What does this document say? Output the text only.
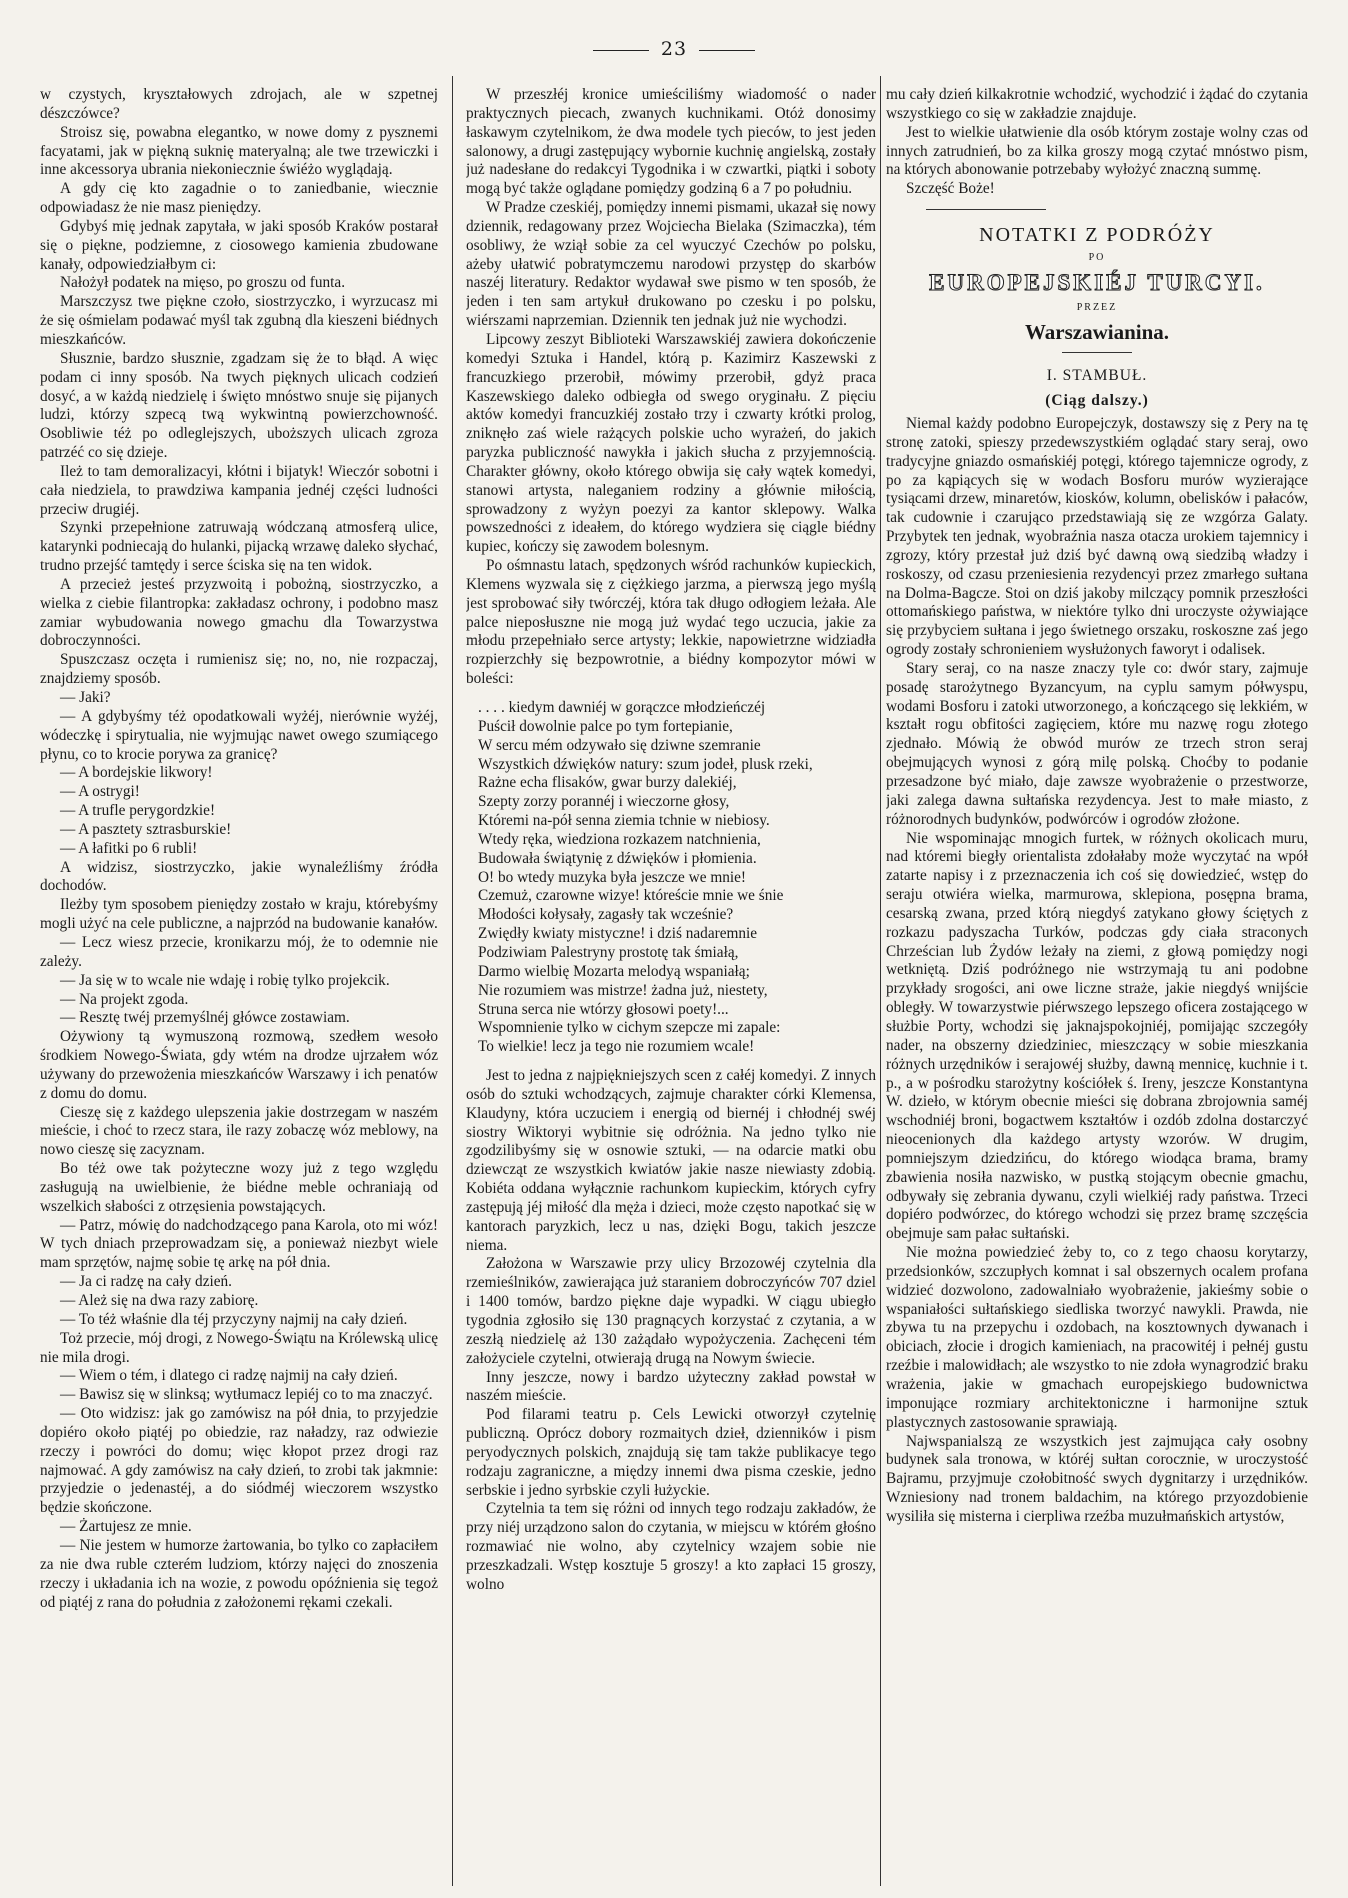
23

w czystych, kryształowych zdrojach, ale w szpetnej dészczówce?

Stroisz się, powabna elegantko, w nowe domy z pysznemi facyatami, jak w piękną suknię materyalną; ale twe trzewiczki i inne akcessorya ubrania niekoniecznie świéżo wyglądają.

A gdy cię kto zagadnie o to zaniedbanie, wiecznie odpowiadasz że nie masz pieniędzy.

Gdybyś mię jednak zapytała, w jaki sposób Kraków postarał się o piękne, podziemne, z ciosowego kamienia zbudowane kanały, odpowiedziałbym ci:

Nałożył podatek na mięso, po groszu od funta.

Marszczysz twe piękne czoło, siostrzyczko, i wyrzucasz mi że się ośmielam podawać myśl tak zgubną dla kieszeni biédnych mieszkańców.

Słusznie, bardzo słusznie, zgadzam się że to błąd. A więc podam ci inny sposób. Na twych pięknych ulicach codzień dosyć, a w każdą niedzielę i święto mnóstwo snuje się pijanych ludzi, którzy szpecą twą wykwintną powierzchowność. Osobliwie téż po odleglejszych, uboższych ulicach zgroza patrzéć co się dzieje.

Ileż to tam demoralizacyi, kłótni i bijatyk! Wieczór sobotni i cała niedziela, to prawdziwa kampania jednéj części ludności przeciw drugiéj.

Szynki przepełnione zatruwają wódczaną atmosferą ulice, katarynki podniecają do hulanki, pijacką wrzawę daleko słychać, trudno przejść tamtędy i serce ściska się na ten widok.

A przecież jesteś przyzwoitą i pobożną, siostrzyczko, a wielka z ciebie filantropka: zakładasz ochrony, i podobno masz zamiar wybudowania nowego gmachu dla Towarzystwa dobroczynności.

Spuszczasz oczęta i rumienisz się; no, no, nie rozpaczaj, znajdziemy sposób.

— Jaki?

— A gdybyśmy téż opodatkowali wyżéj, nierównie wyżéj, wódeczkę i spirytualia, nie wyjmując nawet owego szumiącego płynu, co to krocie porywa za granicę?

— A bordejskie likwory!

— A ostrygi!

— A trufle perygordzkie!

— A pasztety sztrasburskie!

— A łafitki po 6 rubli!

A widzisz, siostrzyczko, jakie wynaleźliśmy źródła dochodów.

Ileżby tym sposobem pieniędzy zostało w kraju, którebyśmy mogli użyć na cele publiczne, a najprzód na budowanie kanałów.

— Lecz wiesz przecie, kronikarzu mój, że to odemnie nie zależy.

— Ja się w to wcale nie wdaję i robię tylko projekcik.

— Na projekt zgoda.

— Resztę twéj przemyślnéj główce zostawiam.

Ożywiony tą wymuszoną rozmową, szedłem wesoło środkiem Nowego-Świata, gdy wtém na drodze ujrzałem wóz używany do przewożenia mieszkańców Warszawy i ich penatów z domu do domu.

Cieszę się z każdego ulepszenia jakie dostrzegam w naszém mieście, i choć to rzecz stara, ile razy zobaczę wóz meblowy, na nowo cieszę się zacyznam.

Bo téż owe tak pożyteczne wozy już z tego względu zasługują na uwielbienie, że biédne meble ochraniają od wszelkich słabości z otrzęsienia powstających.

— Patrz, mówię do nadchodzącego pana Karola, oto mi wóz! W tych dniach przeprowadzam się, a ponieważ niezbyt wiele mam sprzętów, najmę sobie tę arkę na pół dnia.

— Ja ci radzę na cały dzień.

— Ależ się na dwa razy zabiorę.

— To téż właśnie dla téj przyczyny najmij na cały dzień.

Toż przecie, mój drogi, z Nowego-Świątu na Królewską ulicę nie mila drogi.

— Wiem o tém, i dlatego ci radzę najmij na cały dzień.

— Bawisz się w slinksą; wytłumacz lepiéj co to ma znaczyć.

— Oto widzisz: jak go zamówisz na pół dnia, to przyjedzie dopiéro około piątéj po obiedzie, raz naładzy, raz odwiezie rzeczy i powróci do domu; więc kłopot przez drogi raz najmować. A gdy zamówisz na cały dzień, to zrobi tak jakmnie: przyjedzie o jedenastéj, a do siódméj wieczorem wszystko będzie skończone.

— Żartujesz ze mnie.

— Nie jestem w humorze żartowania, bo tylko co zapłaciłem za nie dwa ruble czterém ludziom, którzy najęci do znoszenia rzeczy i układania ich na wozie, z powodu opóźnienia się tegoż od piątéj z rana do południa z założonemi rękami czekali.

W przeszłéj kronice umieściliśmy wiadomość o nader praktycznych piecach, zwanych kuchnikami. Otóż donosimy łaskawym czytelnikom, że dwa modele tych pieców, to jest jeden salonowy, a drugi zastępujący wybornie kuchnię angielską, zostały już nadesłane do redakcyi Tygodnika i w czwartki, piątki i soboty mogą być także oglądane pomiędzy godziną 6 a 7 po południu.

W Pradze czeskiéj, pomiędzy innemi pismami, ukazał się nowy dziennik, redagowany przez Wojciecha Bielaka (Szimaczka), tém osobliwy, że wziął sobie za cel wyuczyć Czechów po polsku, ażeby ułatwić pobratymczemu narodowi przystęp do skarbów naszéj literatury. Redaktor wydawał swe pismo w ten sposób, że jeden i ten sam artykuł drukowano po czesku i po polsku, wiérszami naprzemian. Dziennik ten jednak już nie wychodzi.

Lipcowy zeszyt Biblioteki Warszawskiéj zawiera dokończenie komedyi Sztuka i Handel, którą p. Kazimirz Kaszewski z francuzkiego przerobił, mówimy przerobił, gdyż praca Kaszewskiego daleko odbiegła od swego oryginału. Z pięciu aktów komedyi francuzkiéj zostało trzy i czwarty krótki prolog, zniknęło zaś wiele rażących polskie ucho wyrażeń, do jakich paryzka publiczność nawykła i jakich słucha z przyjemnością. Charakter główny, około którego obwija się cały wątek komedyi, stanowi artysta, naleganiem rodziny a głównie miłością, sprowadzony z wyżyn poezyi za kantor sklepowy. Walka powszedności z ideałem, do którego wydziera się ciągle biédny kupiec, kończy się zawodem bolesnym.

Po ośmnastu latach, spędzonych wśród rachunków kupieckich, Klemens wyzwala się z ciężkiego jarzma, a pierwszą jego myślą jest sprobować siły twórczéj, która tak długo odłogiem leżała. Ale palce nieposłuszne nie mogą już wydać tego uczucia, jakie za młodu przepełniało serce artysty; lekkie, napowietrzne widziadła rozpierzchły się bezpowrotnie, a biédny kompozytor mówi w boleści:

. . . . kiedym dawniéj w gorączce młodzieńczéj
Puścił dowolnie palce po tym fortepianie,
W sercu mém odzywało się dziwne szemranie
Wszystkich dźwięków natury: szum jodeł, plusk rzeki,
Rażne echa flisaków, gwar burzy dalekiéj,
Szepty zorzy porannéj i wieczorne głosy,
Któremi na-pół senna ziemia tchnie w niebiosy.
Wtedy ręka, wiedziona rozkazem natchnienia,
Budowała świątynię z dźwięków i płomienia.
O! bo wtedy muzyka była jeszcze we mnie!
Czemuż, czarowne wizye! któreście mnie we śnie
Młodości kołysały, zagasły tak wcześnie?
Zwiędły kwiaty mistyczne! i dziś nadaremnie
Podziwiam Palestryny prostotę tak śmiałą,
Darmo wielbię Mozarta melodyą wspaniałą;
Nie rozumiem was mistrze! żadna już, niestety,
Struna serca nie wtórzy głosowi poety!...
Wspomnienie tylko w cichym szepcze mi zapale:
To wielkie! lecz ja tego nie rozumiem wcale!

Jest to jedna z najpiękniejszych scen z całéj komedyi. Z innych osób do sztuki wchodzących, zajmuje charakter córki Klemensa, Klaudyny, która uczuciem i energią od biernéj i chłodnéj swéj siostry Wiktoryi wybitnie się odróżnia. Na jedno tylko nie zgodzilibyśmy się w osnowie sztuki, — na odarcie matki obu dziewcząt ze wszystkich kwiatów jakie nasze niewiasty zdobią. Kobiéta oddana wyłącznie rachunkom kupieckim, których cyfry zastępują jéj miłość dla męża i dzieci, może często napotkać się w kantorach paryzkich, lecz u nas, dzięki Bogu, takich jeszcze niema.

Założona w Warszawie przy ulicy Brzozowéj czytelnia dla rzemieślników, zawierająca już staraniem dobroczyńców 707 dziel i 1400 tomów, bardzo piękne daje wypadki. W ciągu ubiegło tygodnia zgłosiło się 130 pragnących korzystać z czytania, a w zeszłą niedzielę aż 130 zażądało wypożyczenia. Zachęceni tém założyciele czytelni, otwierają drugą na Nowym świecie.

Inny jeszcze, nowy i bardzo użyteczny zakład powstał w naszém mieście.

Pod filarami teatru p. Cels Lewicki otworzył czytelnię publiczną. Oprócz dobory rozmaitych dzieł, dzienników i pism peryodycznych polskich, znajdują się tam także publikacye tego rodzaju zagraniczne, a między innemi dwa pisma czeskie, jedno serbskie i jedno syrbskie czyli łużyckie.

Czytelnia ta tem się różni od innych tego rodzaju zakładów, że przy niéj urządzono salon do czytania, w miejscu w którém głośno rozmawiać nie wolno, aby czytelnicy wzajem sobie nie przeszkadzali. Wstęp kosztuje 5 groszy! a kto zapłaci 15 groszy, wolno

mu cały dzień kilkakrotnie wchodzić, wychodzić i żądać do czytania wszystkiego co się w zakładzie znajduje.

Jest to wielkie ułatwienie dla osób którym zostaje wolny czas od innych zatrudnień, bo za kilka groszy mogą czytać mnóstwo pism, na których abonowanie potrzebaby wyłożyć znaczną summę.

Szczęść Boże!

NOTATKI Z PODRÓŻY
PO
EUROPEJSKIÉJ TURCYI.
PRZEZ
Warszawianina.
I. STAMBUŁ.
(Ciąg dalszy.)

Niemal każdy podobno Europejczyk, dostawszy się z Pery na tę stronę zatoki, spieszy przedewszystkiém oglądać stary seraj, owo tradycyjne gniazdo osmańskiéj potęgi, którego tajemnicze ogrody, z po za kąpiących się w wodach Bosforu murów wyzierające tysiącami drzew, minaretów, kiosków, kolumn, obelisków i pałaców, tak cudownie i czarująco przedstawiają się ze wzgórza Galaty. Przybytek ten jednak, wyobraźnia nasza otacza urokiem tajemnicy i zgrozy, który przestał już dziś być dawną ową siedzibą władzy i roskoszy, od czasu przeniesienia rezydencyi przez zmarłego sułtana na Dolma-Bagcze. Stoi on dziś jakoby milczący pomnik przeszłości ottomańskiego państwa, w niektóre tylko dni uroczyste ożywiające się przybyciem sułtana i jego świetnego orszaku, roskoszne zaś jego ogrody zostały schronieniem wysłużonych faworyt i odalisek.

Stary seraj, co na nasze znaczy tyle co: dwór stary, zajmuje posadę starożytnego Byzancyum, na cyplu samym półwyspu, wodami Bosforu i zatoki utworzonego, a kończącego się lekkiém, w kształt rogu obfitości zagięciem, które mu nazwę rogu złotego zjednało. Mówią że obwód murów ze trzech stron seraj obejmujących wynosi z górą milę polską. Choćby to podanie przesadzone być miało, daje zawsze wyobrażenie o przestworze, jaki zalega dawna sułtańska rezydencya. Jest to małe miasto, z różnorodnych budynków, podwórców i ogrodów złożone.

Nie wspominając mnogich furtek, w różnych okolicach muru, nad któremi biegły orientalista zdołałaby może wyczytać na wpół zatarte napisy i z przeznaczenia ich coś się dowiedzieć, wstęp do seraju otwiéra wielka, marmurowa, sklepiona, posępna brama, cesarską zwana, przed którą niegdyś zatykano głowy ściętych z rozkazu padyszacha Turków, podczas gdy ciała straconych Chrześcian lub Żydów leżały na ziemi, z głową pomiędzy nogi wetkniętą. Dziś podróżnego nie wstrzymają tu ani podobne przykłady srogości, ani owe liczne straże, jakie niegdyś wnijście obległy. W towarzystwie piérwszego lepszego oficera zostającego w służbie Porty, wchodzi się jaknajspokojniéj, pomijając szczegóły nader, na obszerny dziedziniec, mieszczący w sobie mieszkania różnych urzędników i serajowéj służby, dawną mennicę, kuchnie i t. p., a w pośrodku starożytny kościółek ś. Ireny, jeszcze Konstantyna W. dzieło, w którym obecnie mieści się dobrana zbrojownia saméj wschodniéj broni, bogactwem kształtów i ozdób zdolna dostarczyć nieocenionych dla każdego artysty wzorów. W drugim, pomniejszym dziedzińcu, do którego wiodąca brama, bramy zbawienia nosiła nazwisko, w pustką stojącym obecnie gmachu, odbywały się zebrania dywanu, czyli wielkiéj rady państwa. Trzeci dopiéro podwórzec, do którego wchodzi się przez bramę szczęścia obejmuje sam pałac sułtański.

Nie można powiedzieć żeby to, co z tego chaosu korytarzy, przedsionków, szczupłych komnat i sal obszernych ocalem profana widzieć dozwolono, zadowalniało wyobrażenie, jakieśmy sobie o wspaniałości sułtańskiego siedliska tworzyć nawykli. Prawda, nie zbywa tu na przepychu i ozdobach, na kosztownych dywanach i obiciach, złocie i drogich kamieniach, na pracowitéj i pełnéj gustu rzeźbie i malowidłach; ale wszystko to nie zdoła wynagrodzić braku wrażenia, jakie w gmachach europejskiego budownictwa imponujące rozmiary architektoniczne i harmonijne sztuk plastycznych zastosowanie sprawiają.

Najwspanialszą ze wszystkich jest zajmująca cały osobny budynek sala tronowa, w któréj sułtan corocznie, w uroczystość Bajramu, przyjmuje czołobitność swych dygnitarzy i urzędników. Wzniesiony nad tronem baldachim, na którego przyozdobienie wysiliła się misterna i cierpliwa rzeźba muzułmańskich artystów,
